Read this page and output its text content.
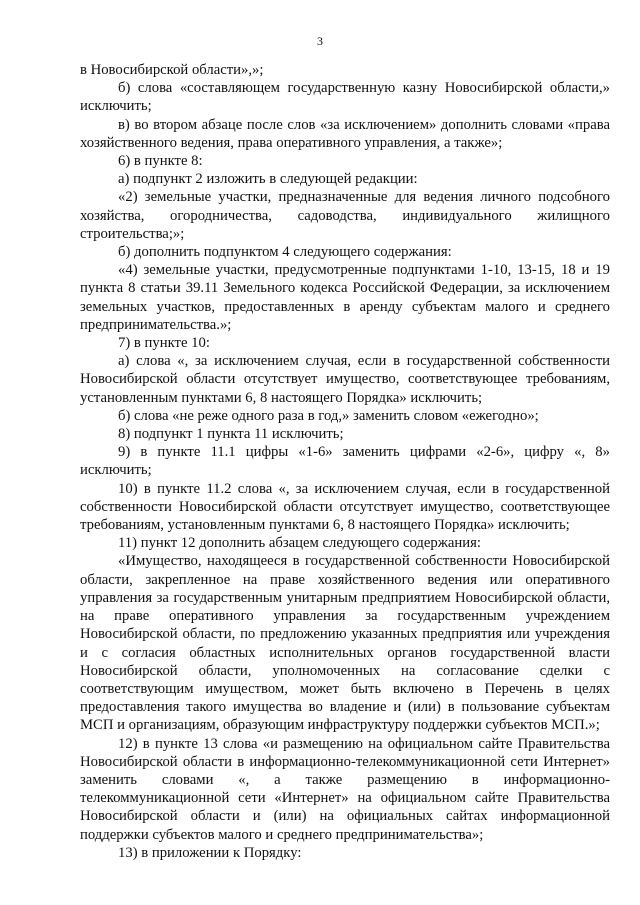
3

в Новосибирской области»,»;

б) слова «составляющем государственную казну Новосибирской области,» исключить;

в) во втором абзаце после слов «за исключением» дополнить словами «права хозяйственного ведения, права оперативного управления, а также»;

6) в пункте 8:

а) подпункт 2 изложить в следующей редакции:

«2) земельные участки, предназначенные для ведения личного подсобного хозяйства, огородничества, садоводства, индивидуального жилищного строительства;»;

б) дополнить подпунктом 4 следующего содержания:

«4) земельные участки, предусмотренные подпунктами 1-10, 13-15, 18 и 19 пункта 8 статьи 39.11 Земельного кодекса Российской Федерации, за исключением земельных участков, предоставленных в аренду субъектам малого и среднего предпринимательства.»;

7) в пункте 10:

а) слова «, за исключением случая, если в государственной собственности Новосибирской области отсутствует имущество, соответствующее требованиям, установленным пунктами 6, 8 настоящего Порядка» исключить;

б) слова «не реже одного раза в год,» заменить словом «ежегодно»;

8) подпункт 1 пункта 11 исключить;

9) в пункте 11.1 цифры «1-6» заменить цифрами «2-6», цифру «, 8» исключить;

10) в пункте 11.2 слова «, за исключением случая, если в государственной собственности Новосибирской области отсутствует имущество, соответствующее требованиям, установленным пунктами 6, 8 настоящего Порядка» исключить;

11) пункт 12 дополнить абзацем следующего содержания:

«Имущество, находящееся в государственной собственности Новосибирской области, закрепленное на праве хозяйственного ведения или оперативного управления за государственным унитарным предприятием Новосибирской области, на праве оперативного управления за государственным учреждением Новосибирской области, по предложению указанных предприятия или учреждения и с согласия областных исполнительных органов государственной власти Новосибирской области, уполномоченных на согласование сделки с соответствующим имуществом, может быть включено в Перечень в целях предоставления такого имущества во владение и (или) в пользование субъектам МСП и организациям, образующим инфраструктуру поддержки субъектов МСП.»;

12) в пункте 13 слова «и размещению на официальном сайте Правительства Новосибирской области в информационно-телекоммуникационной сети Интернет» заменить словами «, а также размещению в информационно-телекоммуникационной сети «Интернет» на официальном сайте Правительства Новосибирской области и (или) на официальных сайтах информационной поддержки субъектов малого и среднего предпринимательства»;

13) в приложении к Порядку:
